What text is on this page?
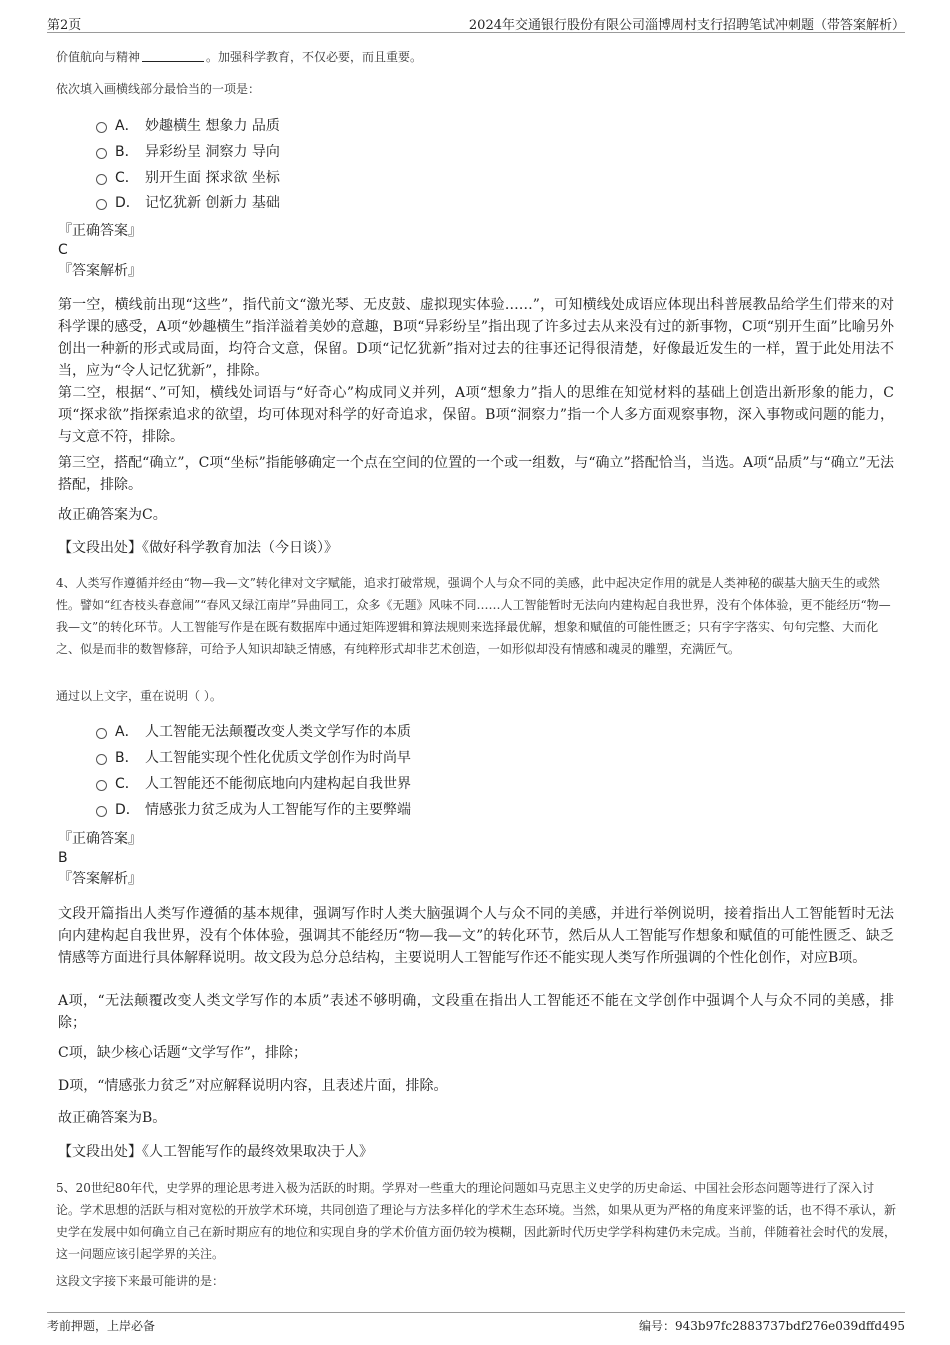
第2页	2024年交通银行股份有限公司淄博周村支行招聘笔试冲刺题（带答案解析）
价值航向与精神	。加强科学教育，不仅必要，而且重要。
依次填入画横线部分最恰当的一项是：
A． 妙趣横生 想象力 品质
B． 异彩纷呈 洞察力 导向
C． 别开生面 探求欲 坐标
D． 记忆犹新 创新力 基础
『正确答案』
C
『答案解析』
第一空，横线前出现“这些”，指代前文“激光琴、无皮鼓、虚拟现实体验……”，可知横线处成语应体现出科普展教品给学生们带来的对科学课的感受，A项“妙趣横生”指洋溢着美妙的意趣，B项“异彩纷呈”指出现了许多过去从来没有过的新事物，C项“别开生面”比喻另外创出一种新的形式或局面，均符合文意，保留。D项“记忆犹新”指对过去的往事还记得很清楚，好像最近发生的一样，置于此处用法不当，应为“令人记忆犹新”，排除。
第二空，根据“、”可知，横线处词语与“好奇心”构成同义并列，A项“想象力”指人的思维在知觉材料的基础上创造出新形象的能力，C项“探求欲”指探索追求的欲望，均可体现对科学的好奇追求，保留。B项“洞察力”指一个人多方面观察事物，深入事物或问题的能力，与文意不符，排除。
第三空，搭配“确立”，C项“坐标”指能够确定一个点在空间的位置的一个或一组数，与“确立”搭配恰当，当选。A项“品质”与“确立”无法搭配，排除。
故正确答案为C。
【文段出处】《做好科学教育加法（今日谈）》
4、人类写作遵循并经由“物—我—文”转化律对文字赋能，追求打破常规，强调个人与众不同的美感，此中起决定作用的就是人类神秘的碳基大脑天生的或然性。譬如“红杏枝头春意闹”“春风又绿江南岸”异曲同工，众多《无题》风味不同……人工智能暂时无法向内建构起自我世界，没有个体体验，更不能经历“物—我—文”的转化环节。人工智能写作是在既有数据库中通过矩阵逻辑和算法规则来选择最优解，想象和赋值的可能性匮乏；只有字字落实、句句完整、大而化之、似是而非的数智修辞，可给予人知识却缺乏情感，有纯粹形式却非艺术创造，一如形似却没有情感和魂灵的雕塑，充满匠气。
通过以上文字，重在说明（ ）。
A． 人工智能无法颠覆改变人类文学写作的本质
B． 人工智能实现个性化优质文学创作为时尚早
C． 人工智能还不能彻底地向内建构起自我世界
D． 情感张力贫乏成为人工智能写作的主要弊端
『正确答案』
B
『答案解析』
文段开篇指出人类写作遵循的基本规律，强调写作时人类大脑强调个人与众不同的美感，并进行举例说明，接着指出人工智能暂时无法向内建构起自我世界，没有个体体验，强调其不能经历“物—我—文”的转化环节，然后从人工智能写作想象和赋值的可能性匮乏、缺乏情感等方面进行具体解释说明。故文段为总分总结构，主要说明人工智能写作还不能实现人类写作所强调的个性化创作，对应B项。
A项，“无法颠覆改变人类文学写作的本质”表述不够明确，文段重在指出人工智能还不能在文学创作中强调个人与众不同的美感，排除；
C项，缺少核心话题“文学写作”，排除；
D项，“情感张力贫乏”对应解释说明内容，且表述片面，排除。
故正确答案为B。
【文段出处】《人工智能写作的最终效果取决于人》
5、20世纪80年代，史学界的理论思考进入极为活跃的时期。学界对一些重大的理论问题如马克思主义史学的历史命运、中国社会形态问题等进行了深入讨论。学术思想的活跃与相对宽松的开放学术环境，共同创造了理论与方法多样化的学术生态环境。当然，如果从更为严格的角度来评鉴的话，也不得不承认，新史学在发展中如何确立自己在新时期应有的地位和实现自身的学术价值方面仍较为模糊，因此新时代历史学学科构建仍未完成。当前，伴随着社会时代的发展，这一问题应该引起学界的关注。
这段文字接下来最可能讲的是：
考前押题，上岸必备	编号：943b97fc2883737bdf276e039dffd495
